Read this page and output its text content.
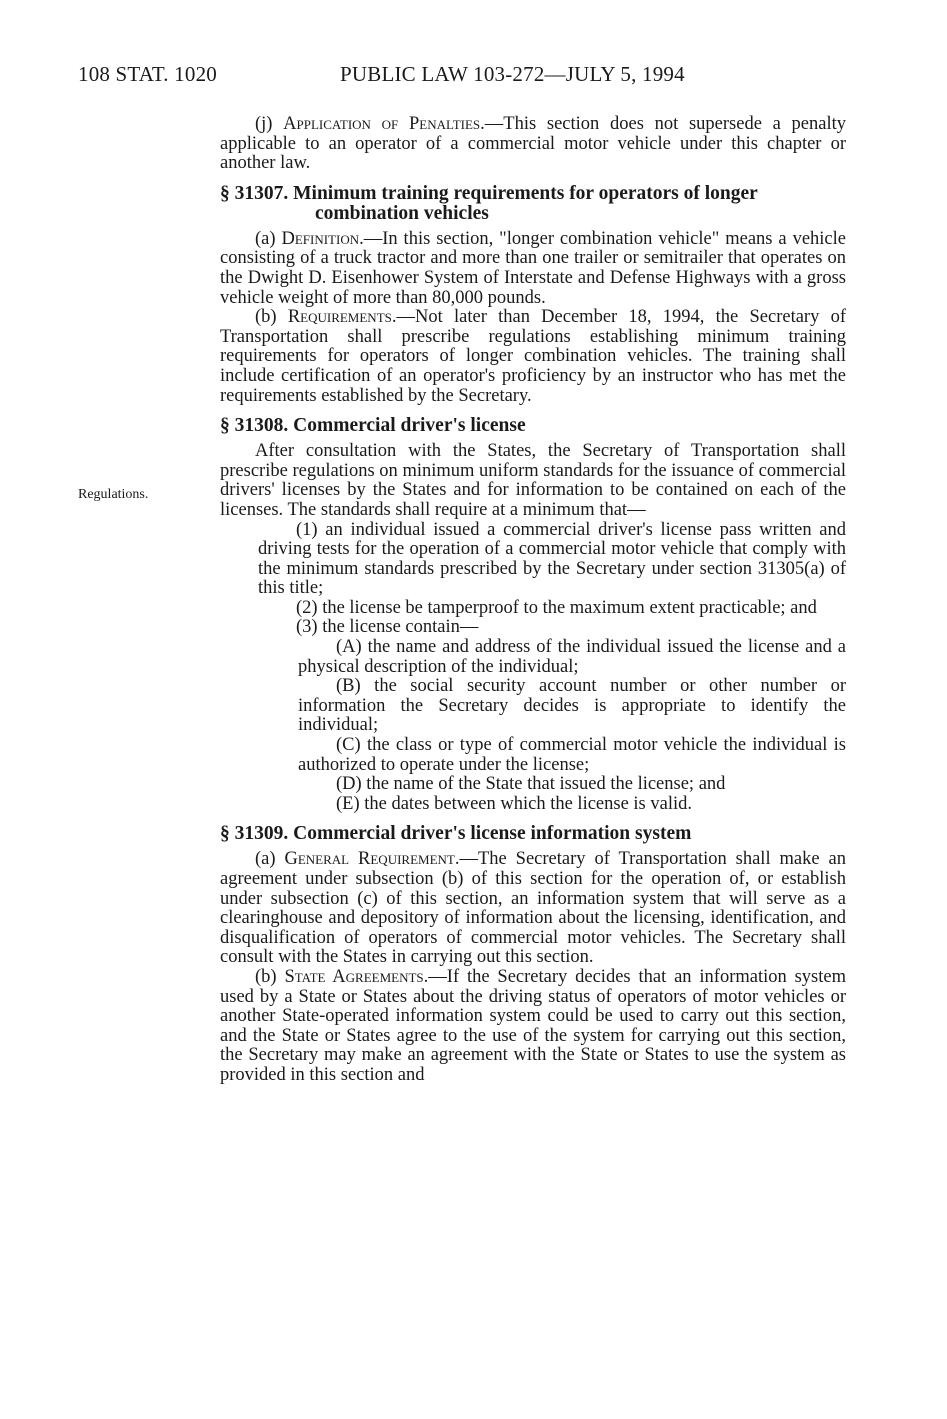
108 STAT. 1020	PUBLIC LAW 103-272—JULY 5, 1994
Regulations.

(j) Application of Penalties.—This section does not supersede a penalty applicable to an operator of a commercial motor vehicle under this chapter or another law.

§ 31307. Minimum training requirements for operators of longer combination vehicles

(a) Definition.—In this section, "longer combination vehicle" means a vehicle consisting of a truck tractor and more than one trailer or semitrailer that operates on the Dwight D. Eisenhower System of Interstate and Defense Highways with a gross vehicle weight of more than 80,000 pounds.

(b) Requirements.—Not later than December 18, 1994, the Secretary of Transportation shall prescribe regulations establishing minimum training requirements for operators of longer combination vehicles. The training shall include certification of an operator's proficiency by an instructor who has met the requirements established by the Secretary.

§ 31308. Commercial driver's license

After consultation with the States, the Secretary of Transportation shall prescribe regulations on minimum uniform standards for the issuance of commercial drivers' licenses by the States and for information to be contained on each of the licenses. The standards shall require at a minimum that—

(1) an individual issued a commercial driver's license pass written and driving tests for the operation of a commercial motor vehicle that comply with the minimum standards prescribed by the Secretary under section 31305(a) of this title;

(2) the license be tamperproof to the maximum extent practicable; and

(3) the license contain—

(A) the name and address of the individual issued the license and a physical description of the individual;

(B) the social security account number or other number or information the Secretary decides is appropriate to identify the individual;

(C) the class or type of commercial motor vehicle the individual is authorized to operate under the license;

(D) the name of the State that issued the license; and

(E) the dates between which the license is valid.

§ 31309. Commercial driver's license information system

(a) General Requirement.—The Secretary of Transportation shall make an agreement under subsection (b) of this section for the operation of, or establish under subsection (c) of this section, an information system that will serve as a clearinghouse and depository of information about the licensing, identification, and disqualification of operators of commercial motor vehicles. The Secretary shall consult with the States in carrying out this section.

(b) State Agreements.—If the Secretary decides that an information system used by a State or States about the driving status of operators of motor vehicles or another State-operated information system could be used to carry out this section, and the State or States agree to the use of the system for carrying out this section, the Secretary may make an agreement with the State or States to use the system as provided in this section and
